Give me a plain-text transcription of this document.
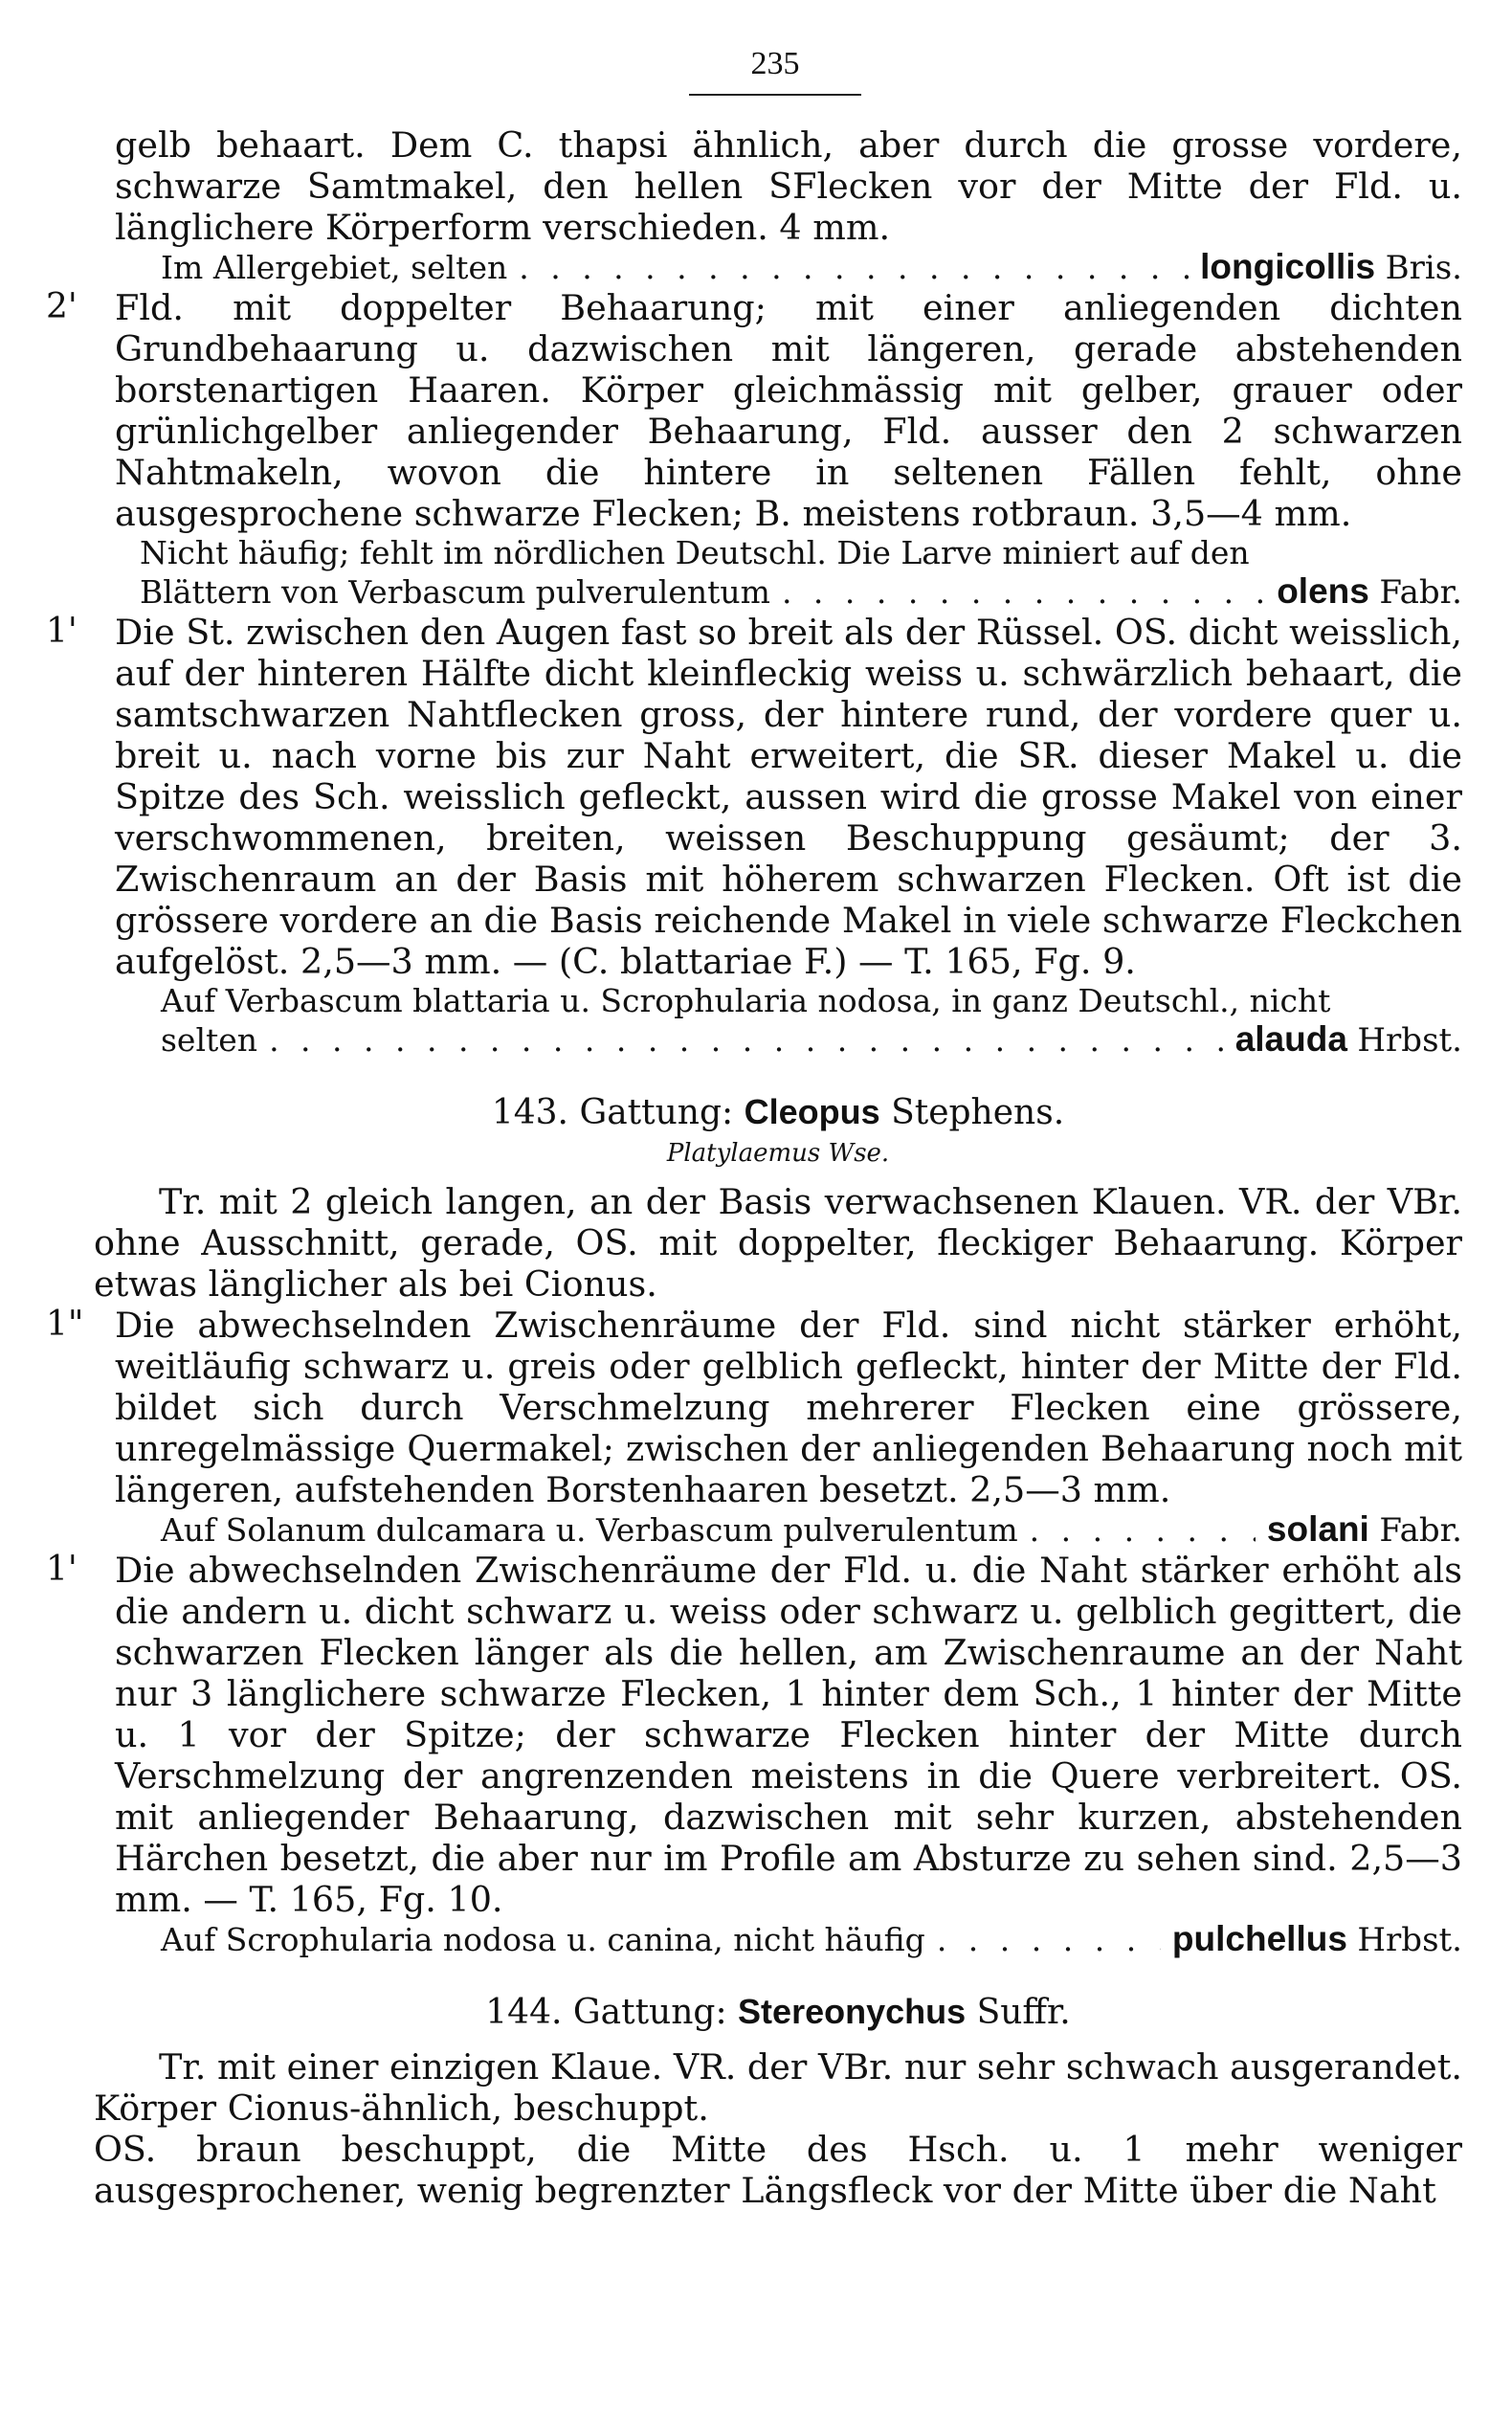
235

gelb behaart. Dem C. thapsi ähnlich, aber durch die grosse vordere, schwarze Samtmakel, den hellen SFlecken vor der Mitte der Fld. u. länglichere Körperform verschieden. 4 mm.

Im Allergebiet, selten . . .	longicollis Bris.
2' Fld. mit doppelter Behaarung; mit einer anliegenden dichten Grundbehaarung u. dazwischen mit längeren, gerade abstehenden borstenartigen Haaren. Körper gleichmässig mit gelber, grauer oder grünlichgelber anliegender Behaarung, Fld. ausser den 2 schwarzen Nahtmakeln, wovon die hintere in seltenen Fällen fehlt, ohne ausgesprochene schwarze Flecken; B. meistens rotbraun. 3,5—4 mm.

Nicht häufig; fehlt im nördlichen Deutschl. Die Larve miniert auf den

Blättern von Verbascum pulverulentum . . .	olens Fabr.
1' Die St. zwischen den Augen fast so breit als der Rüssel. OS. dicht weisslich, auf der hinteren Hälfte dicht kleinfleckig weiss u. schwärzlich behaart, die samtschwarzen Nahtflecken gross, der hintere rund, der vordere quer u. breit u. nach vorne bis zur Naht erweitert, die SR. dieser Makel u. die Spitze des Sch. weisslich gefleckt, aussen wird die grosse Makel von einer verschwommenen, breiten, weissen Beschuppung gesäumt; der 3. Zwischenraum an der Basis mit höherem schwarzen Flecken. Oft ist die grössere vordere an die Basis reichende Makel in viele schwarze Fleckchen aufgelöst. 2,5—3 mm. — (C. blattariae F.) — T. 165, Fg. 9.

Auf Verbascum blattaria u. Scrophularia nodosa, in ganz Deutschl., nicht

selten . . .	alauda Hrbst.
143. Gattung: Cleopus Stephens.
Platylaemus Wse.

Tr. mit 2 gleich langen, an der Basis verwachsenen Klauen. VR. der VBr. ohne Ausschnitt, gerade, OS. mit doppelter, fleckiger Behaarung. Körper etwas länglicher als bei Cionus.

1" Die abwechselnden Zwischenräume der Fld. sind nicht stärker erhöht, weitläufig schwarz u. greis oder gelblich gefleckt, hinter der Mitte der Fld. bildet sich durch Verschmelzung mehrerer Flecken eine grössere, unregelmässige Quermakel; zwischen der anliegenden Behaarung noch mit längeren, aufstehenden Borstenhaaren besetzt. 2,5—3 mm.

Auf Solanum dulcamara u. Verbascum pulverulentum . . .	solani Fabr.
1' Die abwechselnden Zwischenräume der Fld. u. die Naht stärker erhöht als die andern u. dicht schwarz u. weiss oder schwarz u. gelblich gegittert, die schwarzen Flecken länger als die hellen, am Zwischenraume an der Naht nur 3 länglichere schwarze Flecken, 1 hinter dem Sch., 1 hinter der Mitte u. 1 vor der Spitze; der schwarze Flecken hinter der Mitte durch Verschmelzung der angrenzenden meistens in die Quere verbreitert. OS. mit anliegender Behaarung, dazwischen mit sehr kurzen, abstehenden Härchen besetzt, die aber nur im Profile am Absturze zu sehen sind. 2,5—3 mm. — T. 165, Fg. 10.

Auf Scrophularia nodosa u. canina, nicht häufig . . .	pulchellus Hrbst.
144. Gattung: Stereonychus Suffr.

Tr. mit einer einzigen Klaue. VR. der VBr. nur sehr schwach ausgerandet. Körper Cionus-ähnlich, beschuppt.

OS. braun beschuppt, die Mitte des Hsch. u. 1 mehr weniger ausgesprochener, wenig begrenzter Längsfleck vor der Mitte über die Naht
